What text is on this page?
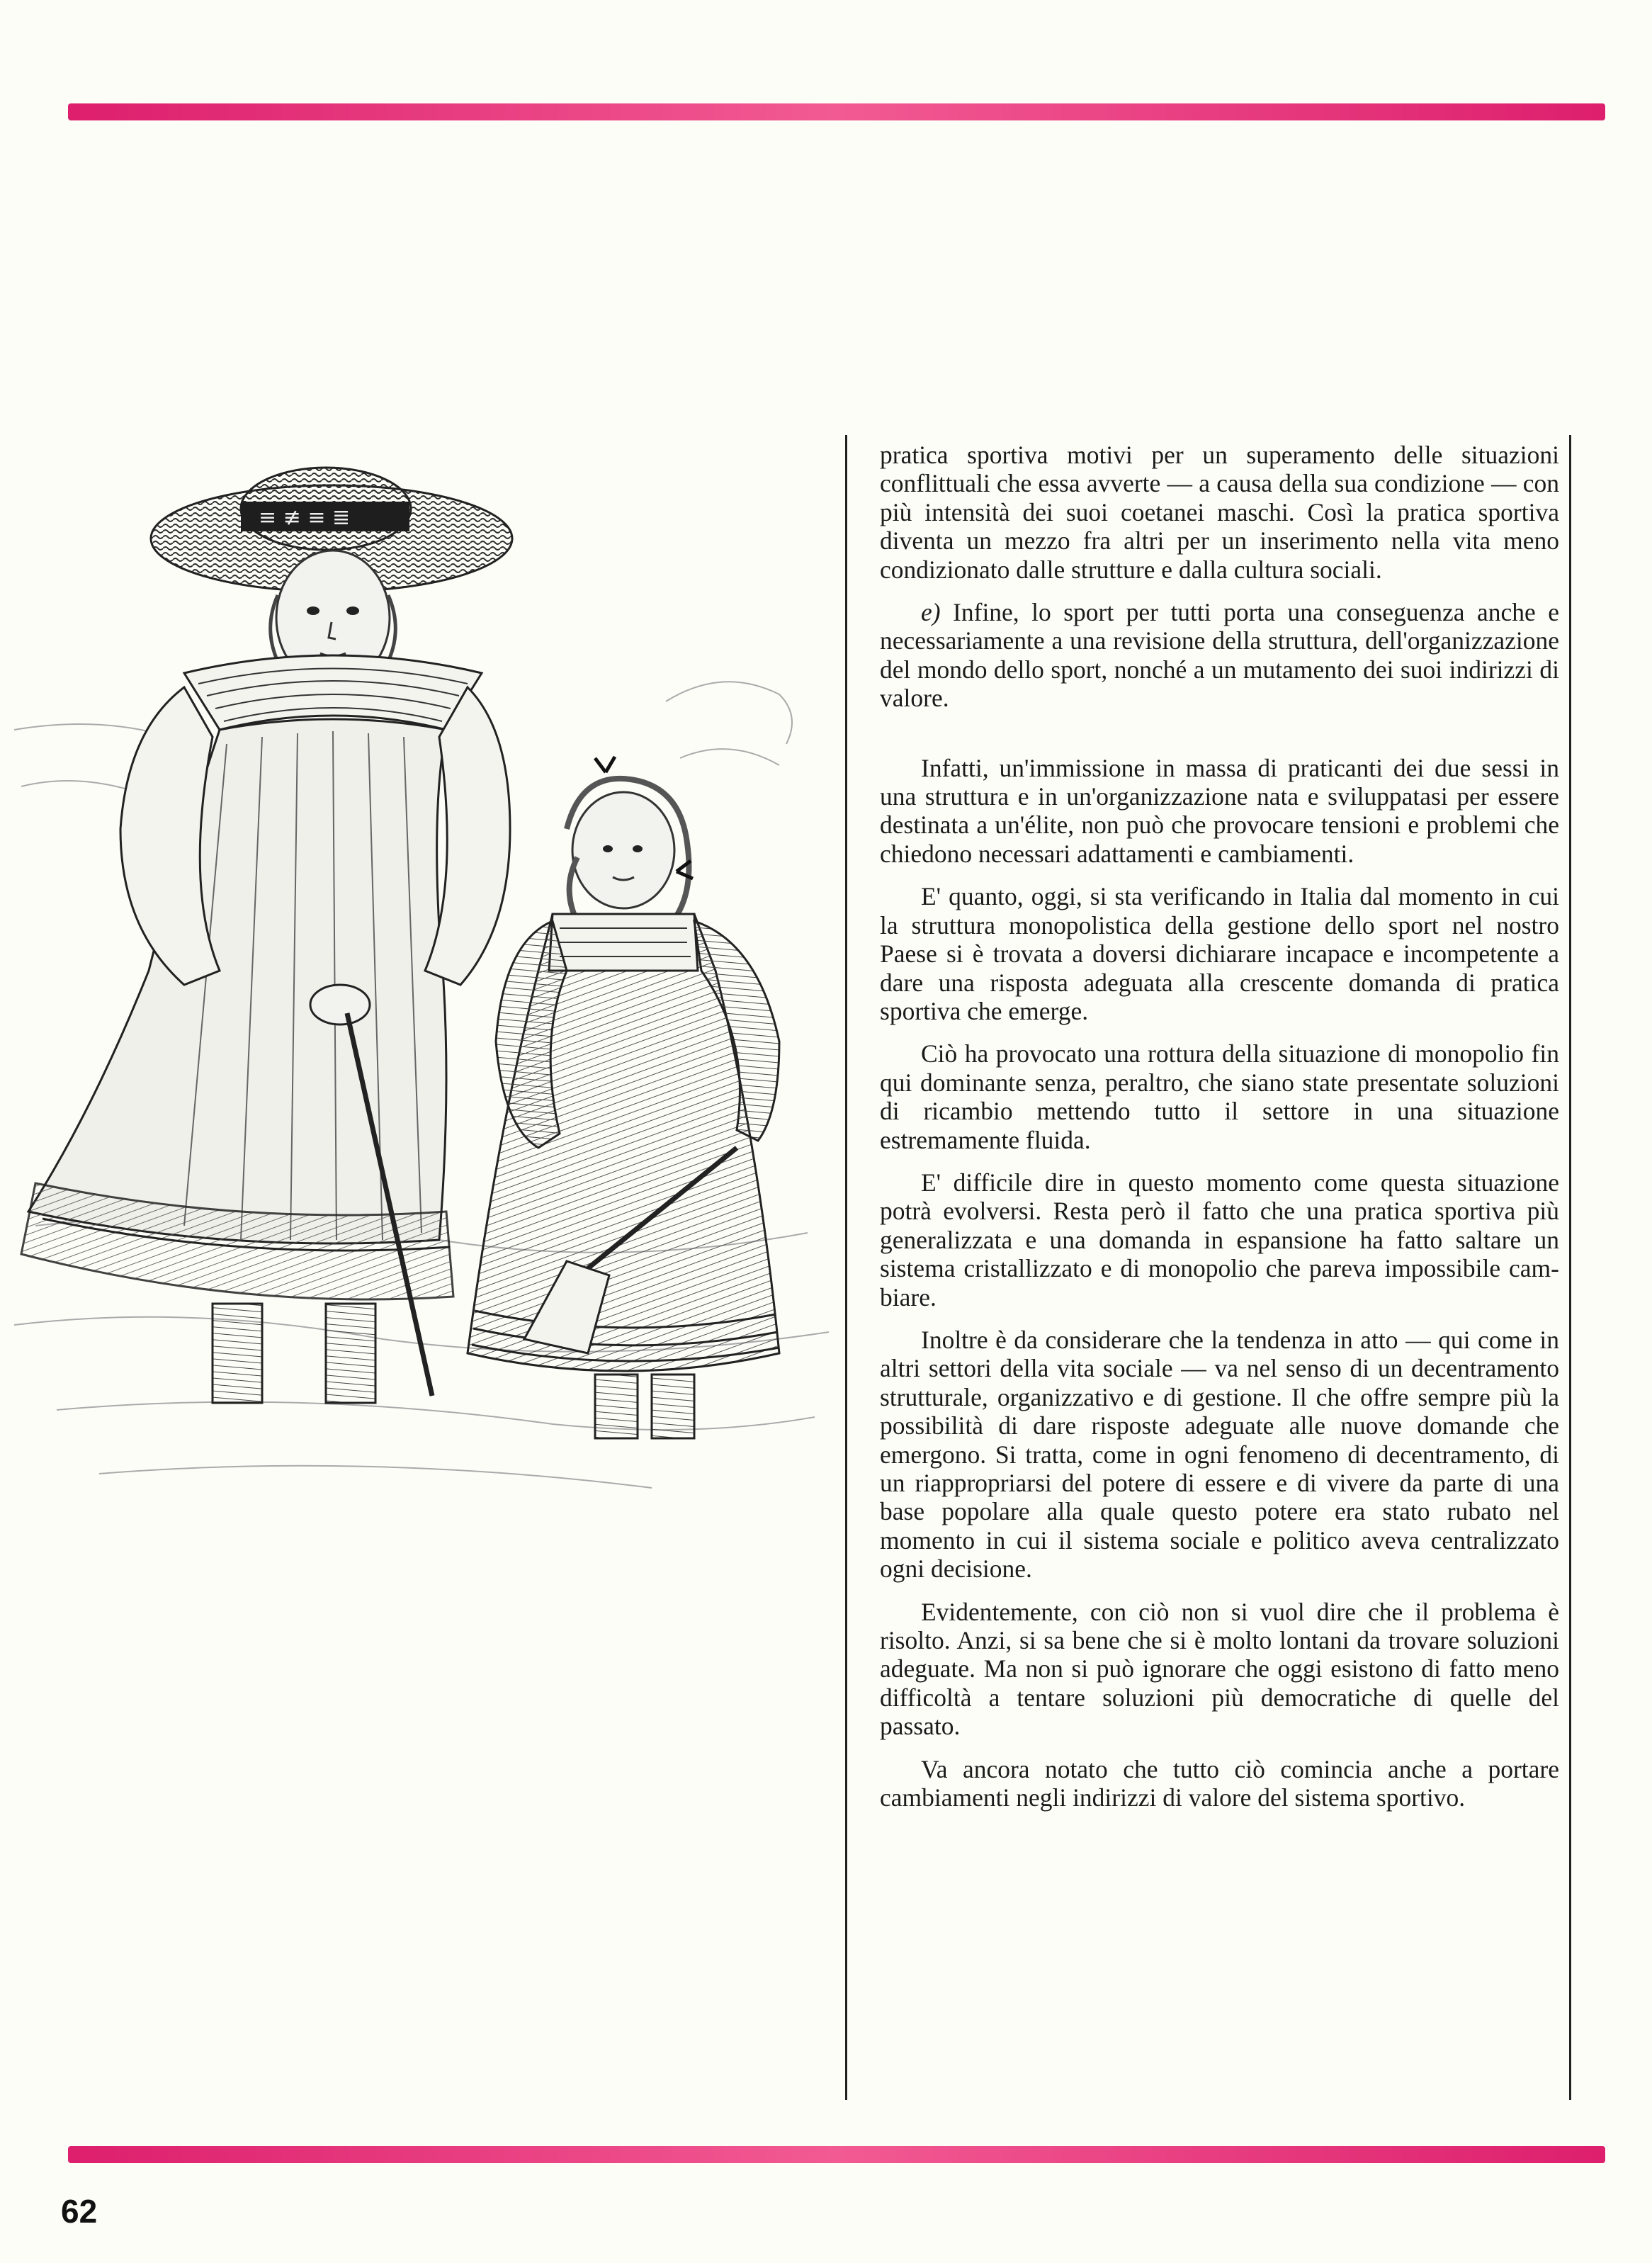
≡ ≢ ≡ ≣

pratica sportiva motivi per un superamento delle situazioni conflittuali che essa avverte — a causa della sua condizione — con più intensità dei suoi coetanei maschi. Così la pratica sportiva diventa un mezzo fra altri per un inserimento nella vita meno condizionato dalle strutture e dalla cultura sociali.

e) Infine, lo sport per tutti porta una conseguenza anche e necessariamente a una revisione della struttura, dell'organizzazione del mondo dello sport, nonché a un mutamento dei suoi indirizzi di valore.

Infatti, un'immissione in massa di praticanti dei due sessi in una struttura e in un'organizzazione nata e sviluppatasi per essere destinata a un'élite, non può che provocare tensioni e problemi che chiedono necessari adattamenti e cambiamenti.

E' quanto, oggi, si sta verificando in Italia dal momento in cui la struttura monopolistica della gestione dello sport nel nostro Paese si è trovata a doversi dichiarare incapace e incompetente a dare una risposta adeguata alla crescente domanda di pratica sportiva che emerge.

Ciò ha provocato una rottura della situazione di monopolio fin qui dominante senza, peraltro, che siano state presentate soluzioni di ricambio mettendo tutto il settore in una situazione estremamente fluida.

E' difficile dire in questo momento come questa situazione potrà evolversi. Resta però il fatto che una pratica sportiva più generalizzata e una domanda in espansione ha fatto saltare un sistema cristallizzato e di monopolio che pareva impossibile cambiare.

Inoltre è da considerare che la tendenza in atto — qui come in altri settori della vita sociale — va nel senso di un decentramento strutturale, organizzativo e di gestione. Il che offre sempre più la possibilità di dare risposte adeguate alle nuove domande che emergono. Si tratta, come in ogni fenomeno di decentramento, di un riappropriarsi del potere di essere e di vivere da parte di una base popolare alla quale questo potere era stato rubato nel momento in cui il sistema sociale e politico aveva centralizzato ogni decisione.

Evidentemente, con ciò non si vuol dire che il problema è risolto. Anzi, si sa bene che si è molto lontani da trovare soluzioni adeguate. Ma non si può ignorare che oggi esistono di fatto meno difficoltà a tentare soluzioni più democratiche di quelle del passato.

Va ancora notato che tutto ciò comincia anche a portare cambiamenti negli indirizzi di valore del sistema sportivo.

62
